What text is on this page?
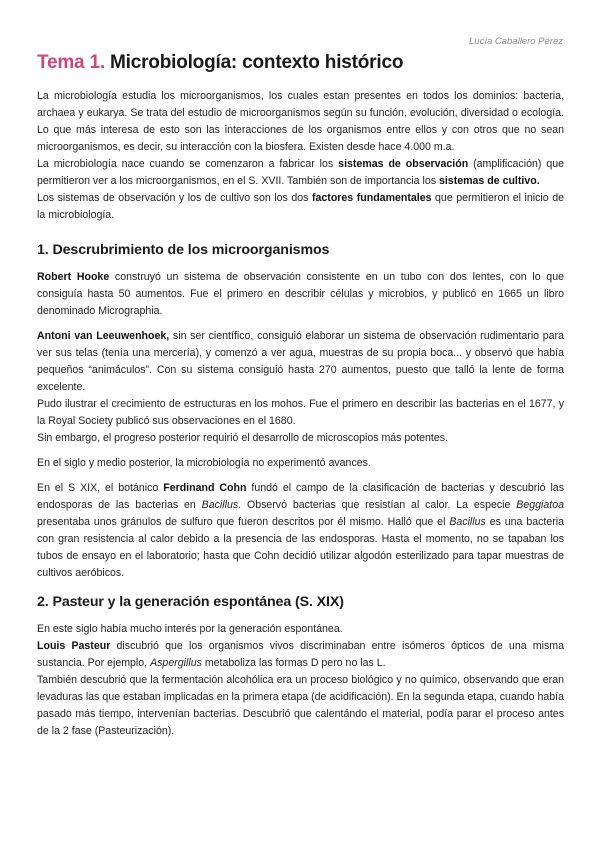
Lucía Caballero Pérez
Tema 1. Microbiología: contexto histórico

La microbiología estudia los microorganismos, los cuales estan presentes en todos los dominios: bacteria, archaea y eukarya. Se trata del estudio de microorganismos según su función, evolución, diversidad o ecología. Lo que más interesa de esto son las interacciones de los organismos entre ellos y con otros que no sean microorganismos, es decir, su interacción con la biosfera. Existen desde hace 4.000 m.a.

La microbiología nace cuando se comenzaron a fabricar los sistemas de observación (amplificación) que permitieron ver a los microorganismos, en el S. XVII. También son de importancia los sistemas de cultivo.

Los sistemas de observación y los de cultivo son los dos factores fundamentales que permitieron el inicio de la microbiología.

1. Descrubrimiento de los microorganismos

Robert Hooke construyó un sistema de observación consistente en un tubo con dos lentes, con lo que consiguía hasta 50 aumentos. Fue el primero en describir células y microbios, y publicó en 1665 un libro denominado Micrographia.

Antoni van Leeuwenhoek, sin ser científico, consiguió elaborar un sistema de observación rudimentario para ver sus telas (tenía una mercería), y comenzó a ver agua, muestras de su propia boca... y observó que había pequeños “animáculos”. Con su sistema consiguió hasta 270 aumentos, puesto que talló la lente de forma excelente.

Pudo ilustrar el crecimiento de estructuras en los mohos. Fue el primero en describir las bacterias en el 1677, y la Royal Society publicó sus observaciones en el 1680.

Sin embargo, el progreso posterior requirió el desarrollo de microscopios más potentes.

En el siglo y medio posterior, la microbiología no experimentó avances.

En el S XIX, el botánico Ferdinand Cohn fundó el campo de la clasificación de bacterias y descubrió las endosporas de las bacterias en Bacillus. Observó bacterias que resistían al calor. La especie Beggiatoa presentaba unos gránulos de sulfuro que fueron descritos por él mismo. Halló que el Bacillus es una bacteria con gran resistencia al calor debido a la presencia de las endosporas. Hasta el momento, no se tapaban los tubos de ensayo en el laboratorio; hasta que Cohn decidió utilizar algodón esterilizado para tapar muestras de cultivos aeróbicos.

2. Pasteur y la generación espontánea (S. XIX)

En este siglo había mucho interés por la generación espontánea.

Louis Pasteur discubrió que los organismos vivos discriminaban entre isómeros ópticos de una misma sustancia. Por ejemplo, Aspergillus metaboliza las formas D pero no las L.

También descubrió que la fermentación alcohólica era un proceso biológico y no químico, observando que eran levaduras las que estaban implicadas en la primera etapa (de acidificación). En la segunda etapa, cuando había pasado más tiempo, intervenían bacterias. Descubrió que calentándo el material, podía parar el proceso antes de la 2 fase (Pasteurización).
